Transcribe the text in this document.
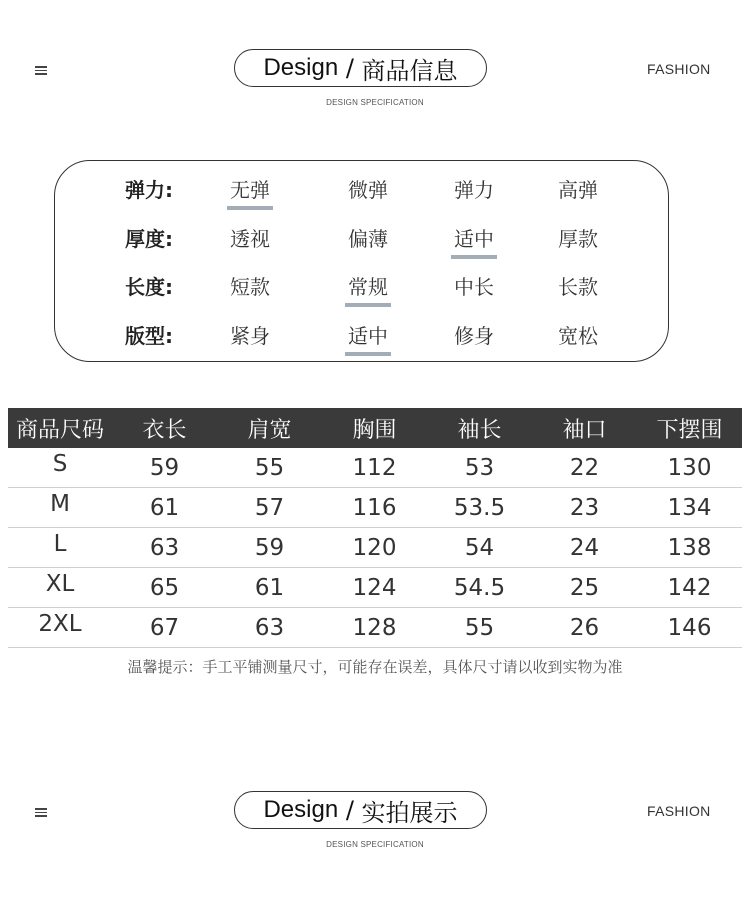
Design / 商品信息
DESIGN SPECIFICATION
FASHION
弹力:	无弹	微弹	弹力	高弹
厚度:	透视	偏薄	适中	厚款
长度:	短款	常规	中长	长款
版型:	紧身	适中	修身	宽松
商品尺码	衣长	肩宽	胸围	袖长	袖口	下摆围
S	59	55	112	53	22	130
M	61	57	116	53.5	23	134
L	63	59	120	54	24	138
XL	65	61	124	54.5	25	142
2XL	67	63	128	55	26	146
温馨提示：手工平铺测量尺寸，可能存在误差，具体尺寸请以收到实物为准
Design / 实拍展示
DESIGN SPECIFICATION
FASHION
